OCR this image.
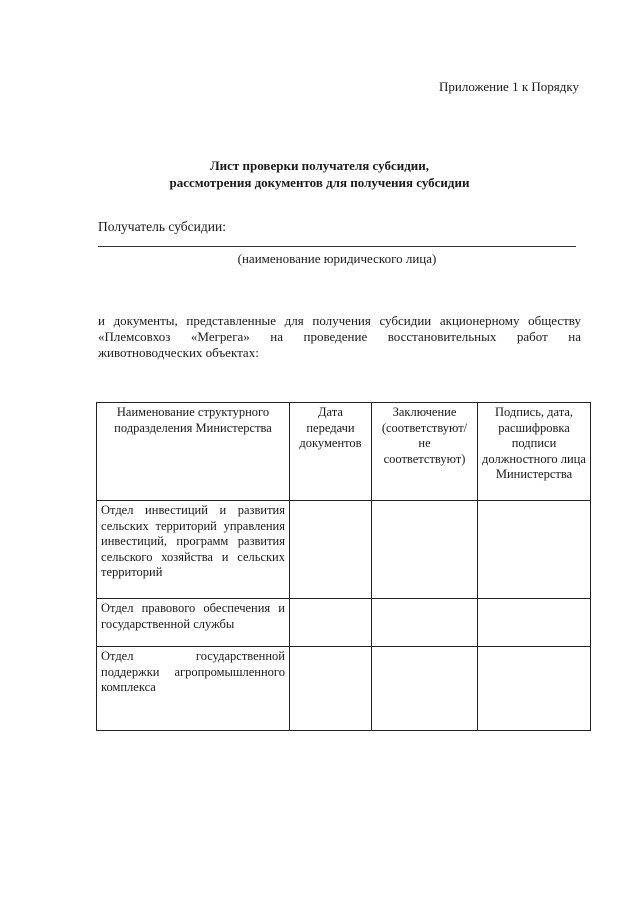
Приложение 1 к Порядку
Лист проверки получателя субсидии,
рассмотрения документов для получения субсидии
Получатель субсидии:
(наименование юридического лица)
и документы, представленные для получения субсидии акционерному обществу
«Племсовхоз «Мегрега» на проведение восстановительных работ на
животноводческих объектах:
Наименование структурного подразделения Министерства	Дата передачи документов	Заключение (соответствуют/ не соответствуют)	Подпись, дата, расшифровка подписи должностного лица Министерства
Отдел инвестиций и развития сельских территорий управления инвестиций, программ развития сельского хозяйства и сельских территорий			
Отдел правового обеспечения и государственной службы			
Отдел государственной поддержки агропромышленного комплекса			
